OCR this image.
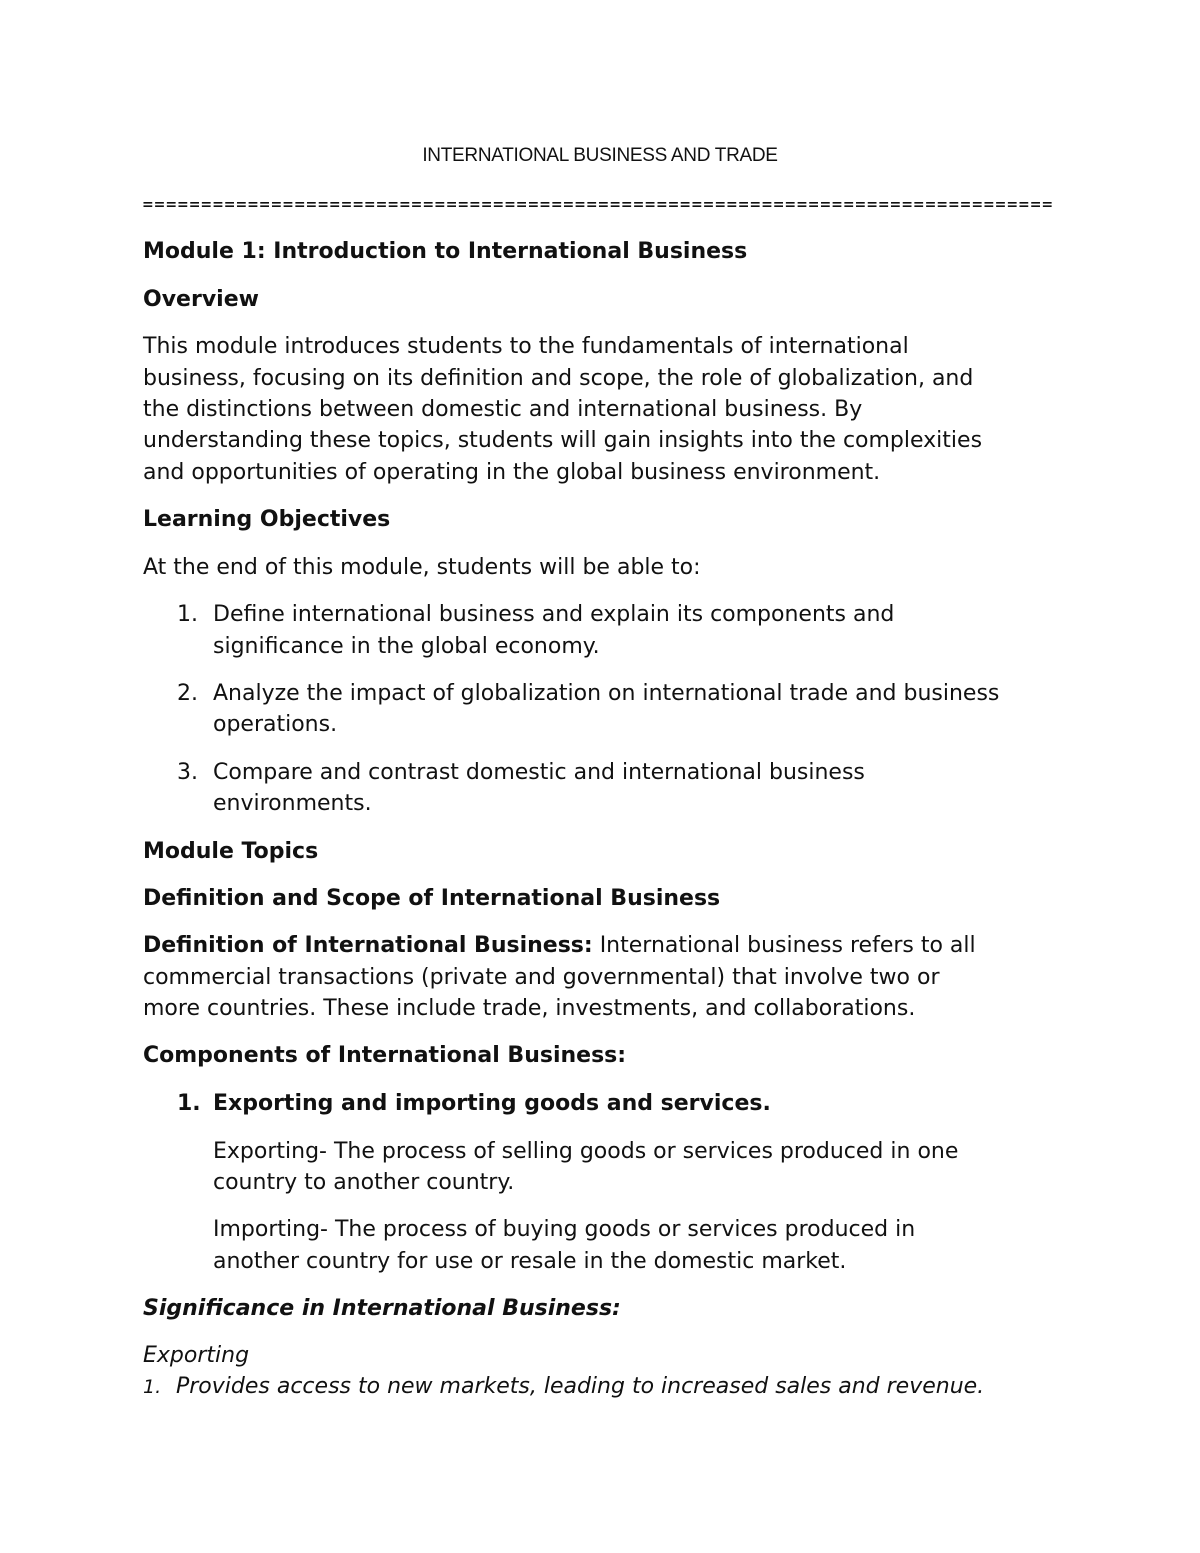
INTERNATIONAL BUSINESS AND TRADE
==============================================================================
Module 1: Introduction to International Business
Overview
This module introduces students to the fundamentals of international
business, focusing on its definition and scope, the role of globalization, and
the distinctions between domestic and international business. By
understanding these topics, students will gain insights into the complexities
and opportunities of operating in the global business environment.
Learning Objectives
At the end of this module, students will be able to:
1. Define international business and explain its components and
significance in the global economy.
2. Analyze the impact of globalization on international trade and business
operations.
3. Compare and contrast domestic and international business
environments.
Module Topics
Definition and Scope of International Business
Definition of International Business: International business refers to all
commercial transactions (private and governmental) that involve two or
more countries. These include trade, investments, and collaborations.
Components of International Business:
1. Exporting and importing goods and services.
Exporting- The process of selling goods or services produced in one
country to another country.
Importing- The process of buying goods or services produced in
another country for use or resale in the domestic market.
Significance in International Business:
Exporting
1. Provides access to new markets, leading to increased sales and revenue.
